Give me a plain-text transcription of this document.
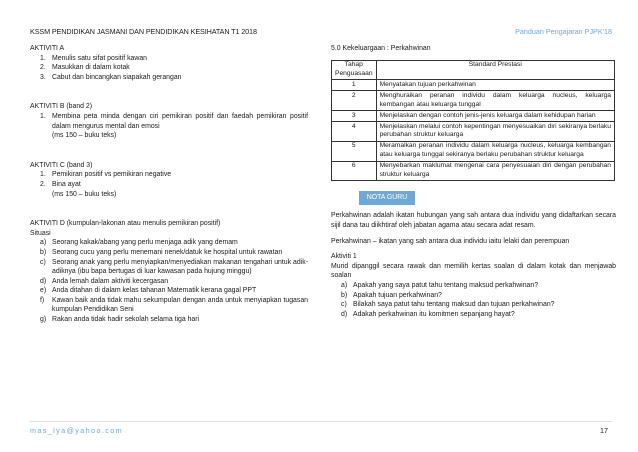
KSSM PENDIDIKAN JASMANI DAN PENDIDIKAN KESIHATAN T1 2018	Panduan Pengajaran PJPK'18
AKTIVITI A
1. Menulis satu sifat positif kawan
2. Masukkan di dalam kotak
3. Cabut dan bincangkan siapakah gerangan
AKTIVITI B (band 2)
1. Membina peta minda dengan ciri pemikiran positif dan faedah pemikiran positif dalam mengurus mental dan emosi
(ms 150 – buku teks)
AKTIVITI C (band 3)
1. Pemikiran positif vs pemikiran negative
2. Bina ayat
(ms 150 – buku teks)
AKTIVITI D (kumpulan-lakonan atau menulis pemikiran positif)
Situasi
a) Seorang kakak/abang yang perlu menjaga adik yang demam
b) Seorang cucu yang perlu menemani nenek/datuk ke hospital untuk rawatan
c) Seorang anak yang perlu menyiapkan/menyediakan makanan tengahari untuk adik-adiknya (ibu bapa bertugas di luar kawasan pada hujung minggu)
d) Anda lemah dalam aktiviti kecergasan
e) Anda ditahan di dalam kelas tahanan Matematik kerana gagal PPT
f)	Kawan baik anda tidak mahu sekumpulan dengan anda untuk menyiapkan tugasan kumpulan Pendidikan Seni
g) Rakan anda tidak hadir sekolah selama tiga hari
5.0 Kekeluargaan : Perkahwinan
Tahap Penguasaan	Standard Prestasi
1	Menyatakan tujuan perkahwinan
2	Menghuraikan peranan individu dalam keluarga nucleus, keluarga kembangan atau keluarga tunggal
3	Menjelaskan dengan contoh jenis-jenis keluarga dalam kehidupan harian
4	Menjelaskan melalui contoh kepentingan menyesuaikan diri sekiranya berlaku perubahan struktur keluarga
5	Meramalkan peranan individu dalam keluarga nucleus, keluarga kembangan atau keluarga tunggal sekiranya berlaku perubahan struktur keluarga
6	Menyebarkan maklumat mengenai cara penyesuaian diri dengan perubahan struktur keluarga
NOTA GURU
Perkahwinan adalah ikatan hubungan yang sah antara dua individu yang didaftarkan secara sijil dana tau diikhtiraf oleh jabatan agama atau secara adat resam.
Perkahwinan – ikatan yang sah antara dua individu iaitu lelaki dan perempuan
Aktiviti 1
Murid dipanggil secara rawak dan memilih kertas soalan di dalam kotak dan menjawab soalan
a) Apakah yang saya patut tahu tentang maksud perkahwinan?
b) Apakah tujuan perkahwinan?
c) Bilakah saya patut tahu tentang maksud dan tujuan perkahwinan?
d) Adakah perkahwinan itu komitmen sepanjang hayat?
mas_lya@yahoo.com	17
